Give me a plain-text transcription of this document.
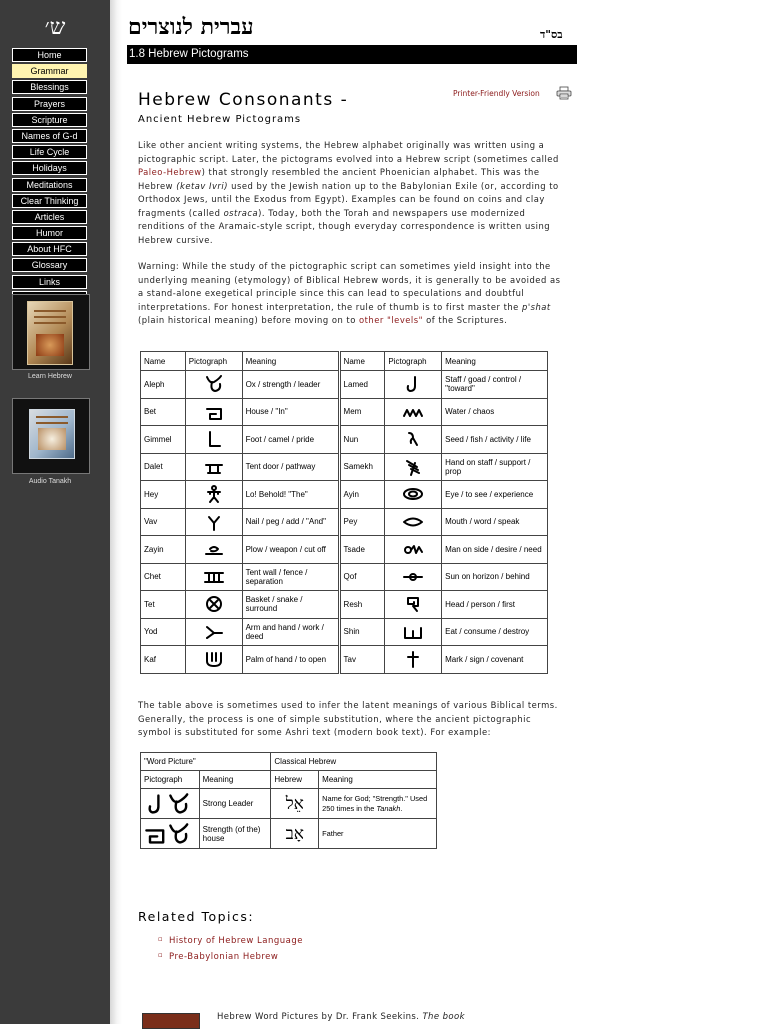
ש׳
Home
Grammar
Blessings
Prayers
Scripture
Names of G-d
Life Cycle
Holidays
Meditations
Clear Thinking
Articles
Humor
About HFC
Glossary
Links
Learn Hebrew
Audio Tanakh
עברית לנוצרים	בס"ד
1.8 Hebrew Pictograms
Hebrew Consonants -
Ancient Hebrew Pictograms
Printer-Friendly Version

Like other ancient writing systems, the Hebrew alphabet originally was written using a pictographic script. Later, the pictograms evolved into a Hebrew script (sometimes called Paleo-Hebrew) that strongly resembled the ancient Phoenician alphabet. This was the Hebrew (ketav Ivri) used by the Jewish nation up to the Babylonian Exile (or, according to Orthodox Jews, until the Exodus from Egypt). Examples can be found on coins and clay fragments (called ostraca). Today, both the Torah and newspapers use modernized renditions of the Aramaic-style script, though everyday correspondence is written using Hebrew cursive.

Warning: While the study of the pictographic script can sometimes yield insight into the underlying meaning (etymology) of Biblical Hebrew words, it is generally to be avoided as a stand-alone exegetical principle since this can lead to speculations and doubtful interpretations. For honest interpretation, the rule of thumb is to first master the p'shat (plain historical meaning) before moving on to other "levels" of the Scriptures.

Name	Pictograph	Meaning	Name	Pictograph	Meaning
Aleph		Ox / strength / leader	Lamed		Staff / goad / control / "toward"
Bet		House / "In"	Mem		Water / chaos
Gimmel		Foot / camel / pride	Nun		Seed / fish / activity / life
Dalet		Tent door / pathway	Samekh		Hand on staff / support / prop
Hey		Lo! Behold! "The"	Ayin		Eye / to see / experience
Vav		Nail / peg / add / "And"	Pey		Mouth / word / speak
Zayin		Plow / weapon / cut off	Tsade		Man on side / desire / need
Chet		Tent wall / fence / separation	Qof		Sun on horizon / behind
Tet		Basket / snake / surround	Resh		Head / person / first
Yod		Arm and hand / work / deed	Shin		Eat / consume / destroy
Kaf		Palm of hand / to open	Tav		Mark / sign / covenant

The table above is sometimes used to infer the latent meanings of various Biblical terms. Generally, the process is one of simple substitution, where the ancient pictographic symbol is substituted for some Ashri text (modern book text). For example:

"Word Picture"		Classical Hebrew	
Pictograph	Meaning	Hebrew	Meaning

	Strong Leader	אֵל	Name for God; "Strength." Used 250 times in the Tanakh.

	Strength (of the) house	אָב	Father
Related Topics:
▫ History of Hebrew Language
▫ Pre-Babylonian Hebrew
Hebrew Word Pictures by Dr. Frank Seekins. The book
